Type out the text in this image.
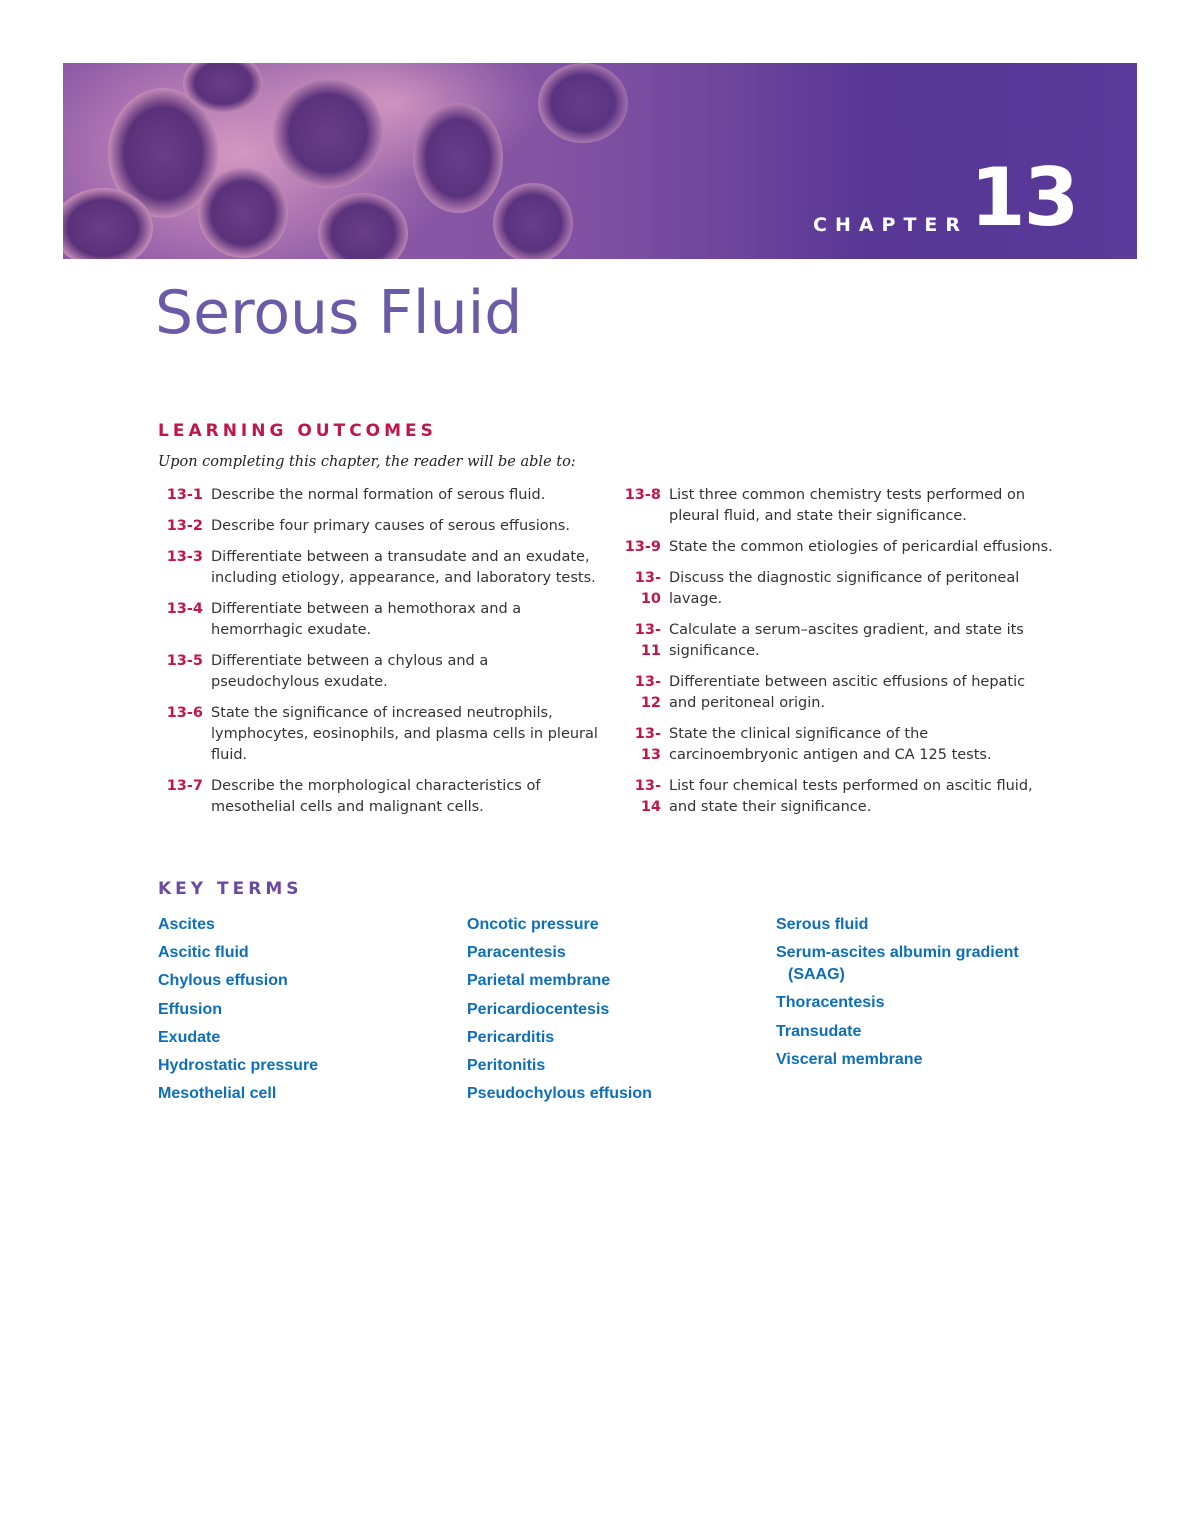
CHAPTER 13
Serous Fluid
LEARNING OUTCOMES
Upon completing this chapter, the reader will be able to:
13-1 Describe the normal formation of serous fluid.
13-2 Describe four primary causes of serous effusions.
13-3 Differentiate between a transudate and an exudate, including etiology, appearance, and laboratory tests.
13-4 Differentiate between a hemothorax and a hemorrhagic exudate.
13-5 Differentiate between a chylous and a pseudochylous exudate.
13-6 State the significance of increased neutrophils, lymphocytes, eosinophils, and plasma cells in pleural fluid.
13-7 Describe the morphological characteristics of mesothelial cells and malignant cells.
13-8 List three common chemistry tests performed on pleural fluid, and state their significance.
13-9 State the common etiologies of pericardial effusions.
13-10
Discuss the diagnostic significance of peritoneal lavage.
13-11
Calculate a serum–ascites gradient, and state its significance.
13-12
Differentiate between ascitic effusions of hepatic and peritoneal origin.
13-13
State the clinical significance of the carcinoembryonic antigen and CA 125 tests.
13-14
List four chemical tests performed on ascitic fluid, and state their significance.
KEY TERMS
Ascites
Ascitic fluid
Chylous effusion
Effusion
Exudate
Hydrostatic pressure
Mesothelial cell
Oncotic pressure
Paracentesis
Parietal membrane
Pericardiocentesis
Pericarditis
Peritonitis
Pseudochylous effusion
Serous fluid
Serum-ascites albumin gradient
(SAAG)
Thoracentesis
Transudate
Visceral membrane
